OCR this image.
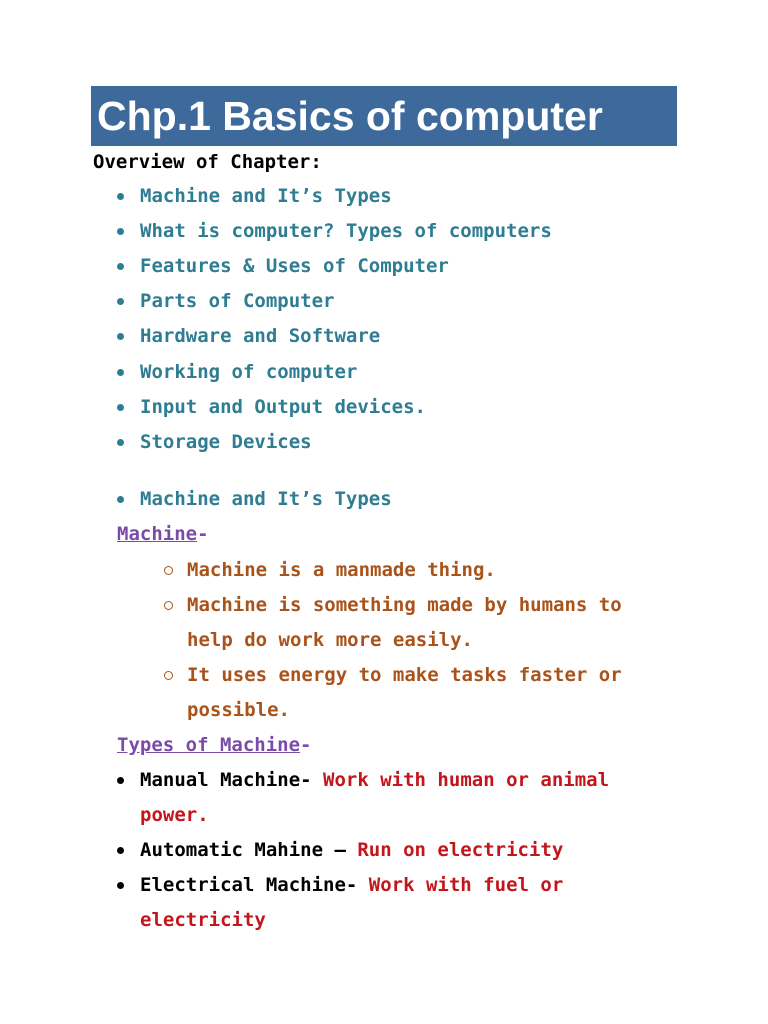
Chp.1 Basics of computer
Overview of Chapter:
Machine and It’s Types
What is computer? Types of computers
Features & Uses of Computer
Parts of Computer
Hardware and Software
Working of computer
Input and Output devices.
Storage Devices
Machine and It’s Types
Machine-
Machine is a manmade thing.
Machine is something made by humans to
help do work more easily.
It uses energy to make tasks faster or
possible.
Types of Machine-
Manual Machine- Work with human or animal
power.
Automatic Mahine – Run on electricity
Electrical Machine- Work with fuel or
electricity
